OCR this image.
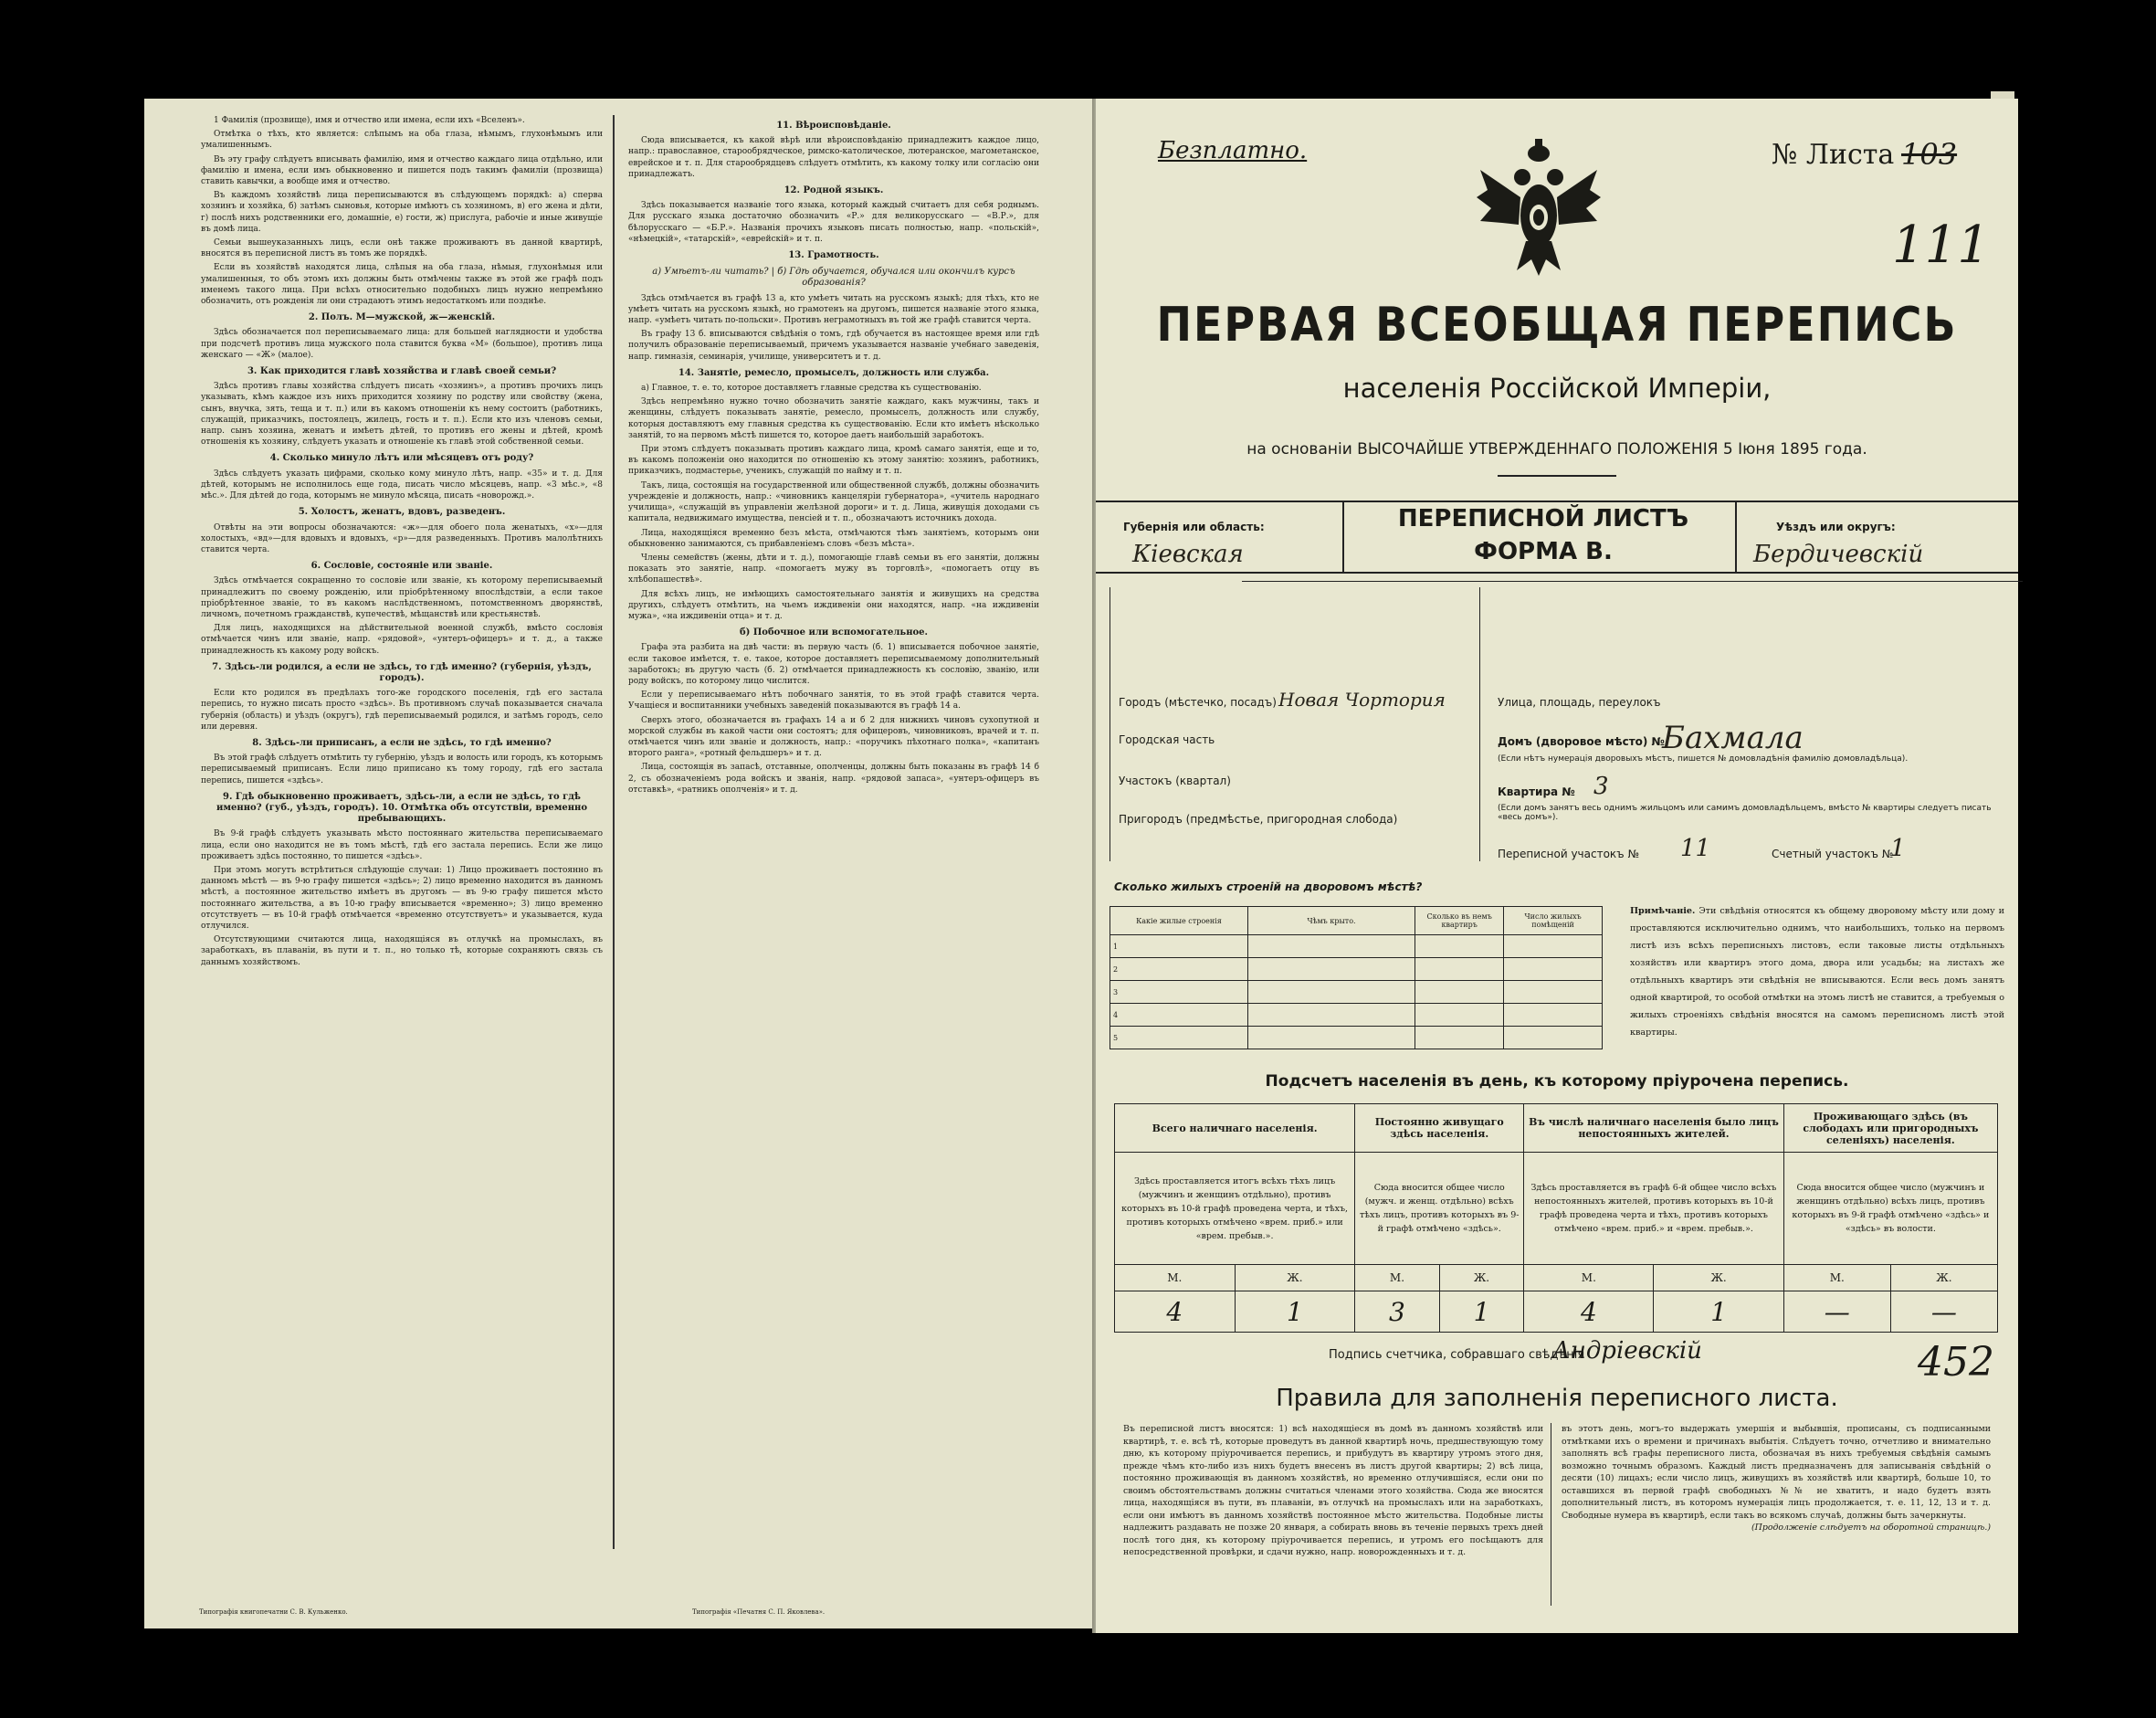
1 Фамилія (прозвище), имя и отчество или имена, если ихъ «Вселенъ».

Отмѣтка о тѣхъ, кто является: слѣпымъ на оба глаза, нѣмымъ, глухонѣмымъ или умалишеннымъ.

Въ эту графу слѣдуетъ вписывать фамилію, имя и отчество каждаго лица отдѣльно, или фамилію и имена, если имъ обыкновенно и пишется подъ такимъ фамиліи (прозвища) ставить кавычки, а вообще имя и отчество.

Въ каждомъ хозяйствѣ лица переписываются въ слѣдующемъ порядкѣ: а) сперва хозяинъ и хозяйка, б) затѣмъ сыновья, которые имѣютъ съ хозяиномъ, в) его жена и дѣти, г) послѣ нихъ родственники его, домашніе, е) гости, ж) прислуга, рабочіе и иные живущіе въ домѣ лица.

Семьи вышеуказанныхъ лицъ, если онѣ также проживаютъ въ данной квартирѣ, вносятся въ переписной листъ въ томъ же порядкѣ.

Если въ хозяйствѣ находятся лица, слѣпыя на оба глаза, нѣмыя, глухонѣмыя или умалишенныя, то объ этомъ ихъ должны быть отмѣчены также въ этой же графѣ подъ именемъ такого лица. При всѣхъ относительно подобныхъ лицъ нужно непремѣнно обозначить, отъ рожденія ли они страдаютъ этимъ недостаткомъ или позднѣе.

2. Полъ. М—мужской, ж—женскій.

Здѣсь обозначается пол переписываемаго лица: для большей наглядности и удобства при подсчетѣ противъ лица мужского пола ставится буква «М» (большое), противъ лица женскаго — «Ж» (малое).

3. Как приходится главѣ хозяйства и главѣ своей семьи?

Здѣсь противъ главы хозяйства слѣдуетъ писать «хозяинъ», а противъ прочихъ лицъ указывать, кѣмъ каждое изъ нихъ приходится хозяину по родству или свойству (жена, сынъ, внучка, зять, теща и т. п.) или въ какомъ отношеніи къ нему состоитъ (работникъ, служащій, приказчикъ, постоялецъ, жилецъ, гость и т. п.). Если кто изъ членовъ семьи, напр. сынъ хозяина, женатъ и имѣетъ дѣтей, то противъ его жены и дѣтей, кромѣ отношенія къ хозяину, слѣдуетъ указать и отношеніе къ главѣ этой собственной семьи.

4. Сколько минуло лѣтъ или мѣсяцевъ отъ роду?

Здѣсь слѣдуетъ указать цифрами, сколько кому минуло лѣтъ, напр. «35» и т. д. Для дѣтей, которымъ не исполнилось еще года, писать число мѣсяцевъ, напр. «3 мѣс.», «8 мѣс.». Для дѣтей до года, которымъ не минуло мѣсяца, писать «новорожд.».

5. Холостъ, женатъ, вдовъ, разведенъ.

Отвѣты на эти вопросы обозначаются: «ж»—для обоего пола женатыхъ, «х»—для холостыхъ, «вд»—для вдовыхъ и вдовыхъ, «р»—для разведенныхъ. Противъ малолѣтнихъ ставится черта.

6. Сословіе, состояніе или званіе.

Здѣсь отмѣчается сокращенно то сословіе или званіе, къ которому переписываемый принадлежитъ по своему рожденію, или пріобрѣтенному впослѣдствіи, а если такое пріобрѣтенное званіе, то въ какомъ наслѣдственномъ, потомственномъ дворянствѣ, личномъ, почетномъ гражданствѣ, купечествѣ, мѣщанствѣ или крестьянствѣ.

Для лицъ, находящихся на дѣйствительной военной службѣ, вмѣсто сословія отмѣчается чинъ или званіе, напр. «рядовой», «унтеръ-офицеръ» и т. д., а также принадлежность къ какому роду войскъ.

7. Здѣсь-ли родился, а если не здѣсь, то гдѣ именно? (губернія, уѣздъ, городъ).

Если кто родился въ предѣлахъ того-же городского поселенія, гдѣ его застала перепись, то нужно писать просто «здѣсь». Въ противномъ случаѣ показывается сначала губернія (область) и уѣздъ (округъ), гдѣ переписываемый родился, и затѣмъ городъ, село или деревня.

8. Здѣсь-ли приписанъ, а если не здѣсь, то гдѣ именно?

Въ этой графѣ слѣдуетъ отмѣтить ту губернію, уѣздъ и волость или городъ, къ которымъ переписываемый приписанъ. Если лицо приписано къ тому городу, гдѣ его застала перепись, пишется «здѣсь».

9. Гдѣ обыкновенно проживаетъ, здѣсь-ли, а если не здѣсь, то гдѣ именно? (губ., уѣздъ, городъ). 10. Отмѣтка объ отсутствіи, временно пребывающихъ.

Въ 9-й графѣ слѣдуетъ указывать мѣсто постояннаго жительства переписываемаго лица, если оно находится не въ томъ мѣстѣ, гдѣ его застала перепись. Если же лицо проживаетъ здѣсь постоянно, то пишется «здѣсь».

При этомъ могутъ встрѣтиться слѣдующіе случаи: 1) Лицо проживаетъ постоянно въ данномъ мѣстѣ — въ 9-ю графу пишется «здѣсь»; 2) лицо временно находится въ данномъ мѣстѣ, а постоянное жительство имѣетъ въ другомъ — въ 9-ю графу пишется мѣсто постояннаго жительства, а въ 10-ю графу вписывается «временно»; 3) лицо временно отсутствуетъ — въ 10-й графѣ отмѣчается «временно отсутствуетъ» и указывается, куда отлучился.

Отсутствующими считаются лица, находящіяся въ отлучкѣ на промыслахъ, въ заработкахъ, въ плаваніи, въ пути и т. п., но только тѣ, которые сохраняютъ связь съ даннымъ хозяйствомъ.

11. Вѣроисповѣданіе.

Сюда вписывается, къ какой вѣрѣ или вѣроисповѣданію принадлежитъ каждое лицо, напр.: православное, старообрядческое, римско-католическое, лютеранское, магометанское, еврейское и т. п. Для старообрядцевъ слѣдуетъ отмѣтить, къ какому толку или согласію они принадлежатъ.

12. Родной языкъ.

Здѣсь показывается названіе того языка, который каждый считаетъ для себя роднымъ. Для русскаго языка достаточно обозначить «Р.» для великорусскаго — «В.Р.», для бѣлорусскаго — «Б.Р.». Названія прочихъ языковъ писать полностью, напр. «польскій», «нѣмецкій», «татарскій», «еврейскій» и т. п.

13. Грамотность.
а) Умѣетъ-ли читать? | б) Гдѣ обучается, обучался или окончилъ курсъ образованія?

Здѣсь отмѣчается въ графѣ 13 а, кто умѣетъ читать на русскомъ языкѣ; для тѣхъ, кто не умѣетъ читать на русскомъ языкѣ, но грамотенъ на другомъ, пишется названіе этого языка, напр. «умѣетъ читать по-польски». Противъ неграмотныхъ въ той же графѣ ставится черта.

Въ графу 13 б. вписываются свѣдѣнія о томъ, гдѣ обучается въ настоящее время или гдѣ получилъ образованіе переписываемый, причемъ указывается названіе учебнаго заведенія, напр. гимназія, семинарія, училище, университетъ и т. д.

14. Занятіе, ремесло, промыселъ, должность или служба.

а) Главное, т. е. то, которое доставляетъ главные средства къ существованію.

Здѣсь непремѣнно нужно точно обозначить занятіе каждаго, какъ мужчины, такъ и женщины, слѣдуетъ показывать занятіе, ремесло, промыселъ, должность или службу, которыя доставляютъ ему главныя средства къ существованію. Если кто имѣетъ нѣсколько занятій, то на первомъ мѣстѣ пишется то, которое даетъ наибольшій заработокъ.

При этомъ слѣдуетъ показывать противъ каждаго лица, кромѣ самаго занятія, еще и то, въ какомъ положеніи оно находится по отношенію къ этому занятію: хозяинъ, работникъ, приказчикъ, подмастерье, ученикъ, служащій по найму и т. п.

Такъ, лица, состоящія на государственной или общественной службѣ, должны обозначить учрежденіе и должность, напр.: «чиновникъ канцеляріи губернатора», «учитель народнаго училища», «служащій въ управленіи желѣзной дороги» и т. д. Лица, живущія доходами съ капитала, недвижимаго имущества, пенсіей и т. п., обозначаютъ источникъ дохода.

Лица, находящіяся временно безъ мѣста, отмѣчаются тѣмъ занятіемъ, которымъ они обыкновенно занимаются, съ прибавленіемъ словъ «безъ мѣста».

Члены семействъ (жены, дѣти и т. д.), помогающіе главѣ семьи въ его занятіи, должны показать это занятіе, напр. «помогаетъ мужу въ торговлѣ», «помогаетъ отцу въ хлѣбопашествѣ».

Для всѣхъ лицъ, не имѣющихъ самостоятельнаго занятія и живущихъ на средства другихъ, слѣдуетъ отмѣтить, на чьемъ иждивеніи они находятся, напр. «на иждивеніи мужа», «на иждивеніи отца» и т. д.

б) Побочное или вспомогательное.

Графа эта разбита на двѣ части: въ первую часть (б. 1) вписывается побочное занятіе, если таковое имѣется, т. е. такое, которое доставляетъ переписываемому дополнительный заработокъ; въ другую часть (б. 2) отмѣчается принадлежность къ сословію, званію, или роду войскъ, по которому лицо числится.

Если у переписываемаго нѣтъ побочнаго занятія, то въ этой графѣ ставится черта. Учащіеся и воспитанники учебныхъ заведеній показываются въ графѣ 14 а.

Сверхъ этого, обозначается въ графахъ 14 а и б 2 для нижнихъ чиновъ сухопутной и морской службы въ какой части они состоятъ; для офицеровъ, чиновниковъ, врачей и т. п. отмѣчается чинъ или званіе и должность, напр.: «поручикъ пѣхотнаго полка», «капитанъ второго ранга», «ротный фельдшеръ» и т. д.

Лица, состоящія въ запасѣ, отставные, ополченцы, должны быть показаны въ графѣ 14 б 2, съ обозначеніемъ рода войскъ и званія, напр. «рядовой запаса», «унтеръ-офицеръ въ отставкѣ», «ратникъ ополченія» и т. д.

Типографія книгопечатни С. В. Кульженко.	Типографія «Печатня С. П. Яковлева».
Безплатно.	№ Листа 103
111
ПЕРВАЯ ВСЕОБЩАЯ ПЕРЕПИСЬ
населенія Россійской Имперіи,
на основаніи ВЫСОЧАЙШЕ УТВЕРЖДЕННАГО ПОЛОЖЕНІЯ 5 Іюня 1895 года.
Губернія или область:
Кіевская
ПЕРЕПИСНОЙ ЛИСТЪ
ФОРМА В.
Уѣздъ или округъ:
Бердичевскій
Городъ (мѣстечко, посадъ) Новая Чортория
Городская часть
Участокъ (квартал)
Пригородъ (предмѣстье, пригородная слобода)
Улица, площадь, переулокъ
Домъ (дворовое мѣсто) №
Бахмала
(Если нѣтъ нумерація дворовыхъ мѣстъ, пишется № домовладѣнія фамилію домовладѣльца).
Квартира № 3
(Если домъ занятъ весь однимъ жильцомъ или самимъ домовладѣльцемъ, вмѣсто № квартиры следуетъ писать «весь домъ»).
Переписной участокъ № 11	Счетный участокъ №
1
Сколько жилыхъ строеній на дворовомъ мѣстѣ?
Какіе жилые строенія	Чѣмъ крыто.	Сколько въ немъ квартиръ	Число жилыхъ помѣщеній
1			
2			
3			
4			
5			
Примѣчаніе. Эти свѣдѣнія относятся къ общему дворовому мѣсту или дому и проставляются исключительно однимъ, что наибольшихъ, только на первомъ листѣ изъ всѣхъ переписныхъ листовъ, если таковые листы отдѣльныхъ хозяйствъ или квартиръ этого дома, двора или усадьбы; на листахъ же отдѣльныхъ квартиръ эти свѣдѣнія не вписываются. Если весь домъ занятъ одной квартирой, то особой отмѣтки на этомъ листѣ не ставится, а требуемыя о жилыхъ строеніяхъ свѣдѣнія вносятся на самомъ переписномъ листѣ этой квартиры.
Подсчетъ населенія въ день, къ которому пріурочена перепись.
Всего наличнаго населенія.		Постоянно живущаго здѣсь населенія.		Въ числѣ наличнаго населенія было лицъ непостоянныхъ жителей.		Проживающаго здѣсь (въ слободахъ или пригородныхъ селеніяхъ) населенія.	
Здѣсь проставляется итогъ всѣхъ тѣхъ лицъ (мужчинъ и женщинъ отдѣльно), противъ которыхъ въ 10-й графѣ проведена черта, и тѣхъ, противъ которыхъ отмѣчено «врем. приб.» или «врем. пребыв.».		Сюда вносится общее число (мужч. и женщ. отдѣльно) всѣхъ тѣхъ лицъ, противъ которыхъ въ 9-й графѣ отмѣчено «здѣсь».		Здѣсь проставляется въ графѣ 6-й общее число всѣхъ непостоянныхъ жителей, противъ которыхъ въ 10-й графѣ проведена черта и тѣхъ, противъ которыхъ отмѣчено «врем. приб.» и «врем. пребыв.».		Сюда вносится общее число (мужчинъ и женщинъ отдѣльно) всѣхъ лицъ, противъ которыхъ въ 9-й графѣ отмѣчено «здѣсь» и «здѣсь» въ волости.	
М.	Ж.	М.	Ж.	М.	Ж.	М.	Ж.
4	1	3	1	4	1	—	—
Подпись счетчика, собравшаго свѣдѣнія
Андрiевскiй	452
Правила для заполненія переписного листа.
Въ переписной листъ вносятся: 1) всѣ находящіеся въ домѣ въ данномъ хозяйствѣ или квартирѣ, т. е. всѣ тѣ, которые проведутъ въ данной квартирѣ ночь, предшествующую тому дню, къ которому пріурочивается перепись, и прибудутъ въ квартиру утромъ этого дня, прежде чѣмъ кто-либо изъ нихъ будетъ внесенъ въ листъ другой квартиры; 2) всѣ лица, постоянно проживающія въ данномъ хозяйствѣ, но временно отлучившіяся, если они по своимъ обстоятельствамъ должны считаться членами этого хозяйства. Сюда же вносятся лица, находящіяся въ пути, въ плаваніи, въ отлучкѣ на промыслахъ или на заработкахъ, если они имѣютъ въ данномъ хозяйствѣ постоянное мѣсто жительства. Подобные листы надлежитъ раздавать не позже 20 января, а собирать вновь въ теченіе первыхъ трехъ дней послѣ того дня, къ которому пріурочивается перепись, и утромъ его посѣщаютъ для непосредственной провѣрки, и сдачи нужно, напр. новорожденныхъ и т. д.
въ этотъ день, могъ-то выдержать умершія и выбывшія, прописаны, съ подписанными отмѣтками ихъ о времени и причинахъ выбытія. Слѣдуетъ точно, отчетливо и внимательно заполнять всѣ графы переписного листа, обозначая въ нихъ требуемыя свѣдѣнія самымъ возможно точнымъ образомъ. Каждый листъ предназначенъ для записыванія свѣдѣній о десяти (10) лицахъ; если число лицъ, живущихъ въ хозяйствѣ или квартирѣ, больше 10, то оставшихся въ первой графѣ свободныхъ №№ не хватитъ, и надо будетъ взять дополнительный листъ, въ которомъ нумерація лицъ продолжается, т. е. 11, 12, 13 и т. д. Свободные нумера въ квартирѣ, если такъ во всякомъ случаѣ, должны быть зачеркнуты.
(Продолженіе слѣдуетъ на оборотной страницѣ.)
